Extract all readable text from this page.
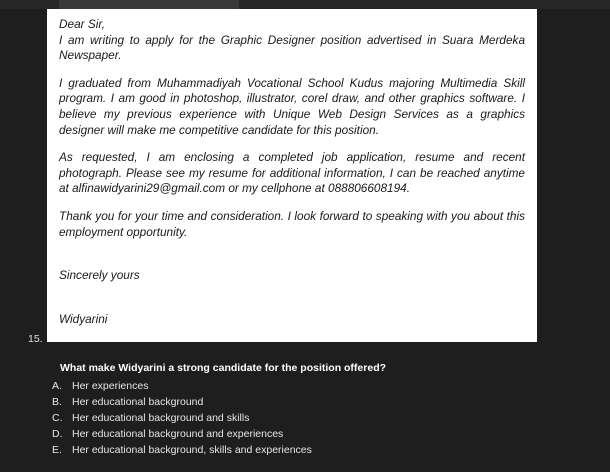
Dear Sir,

I am writing to apply for the Graphic Designer position advertised in Suara Merdeka Newspaper.

I graduated from Muhammadiyah Vocational School Kudus majoring Multimedia Skill program. I am good in photoshop, illustrator, corel draw, and other graphics software. I believe my previous experience with Unique Web Design Services as a graphics designer will make me competitive candidate for this position.

As requested, I am enclosing a completed job application, resume and recent photograph. Please see my resume for additional information, I can be reached anytime at alfinawidyarini29@gmail.com or my cellphone at 088806608194.

Thank you for your time and consideration. I look forward to speaking with you about this employment opportunity.

Sincerely yours

Widyarini

15.
What make Widyarini a strong candidate for the position offered?
A. Her experiences
B. Her educational background
C. Her educational background and skills
D. Her educational background and experiences
E. Her educational background, skills and experiences
